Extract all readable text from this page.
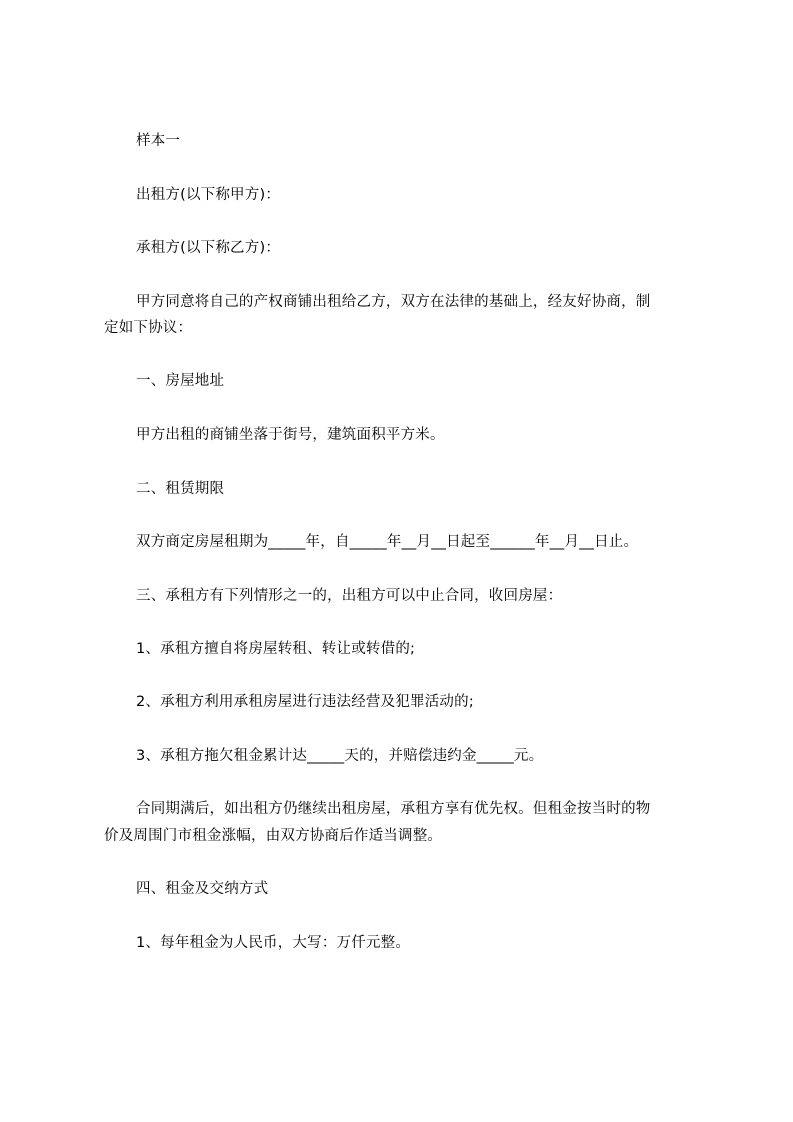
样本一
出租方(以下称甲方)：
承租方(以下称乙方)：
甲方同意将自己的产权商铺出租给乙方，双方在法律的基础上，经友好协商，制
定如下协议：
一、房屋地址
甲方出租的商铺坐落于街号，建筑面积平方米。
二、租赁期限
双方商定房屋租期为_____年，自_____年__月__日起至______年__月__日止。
三、承租方有下列情形之一的，出租方可以中止合同，收回房屋：
1、承租方擅自将房屋转租、转让或转借的;
2、承租方利用承租房屋进行违法经营及犯罪活动的;
3、承租方拖欠租金累计达_____天的，并赔偿违约金_____元。
合同期满后，如出租方仍继续出租房屋，承租方享有优先权。但租金按当时的物
价及周围门市租金涨幅，由双方协商后作适当调整。
四、租金及交纳方式
1、每年租金为人民币，大写：万仟元整。
